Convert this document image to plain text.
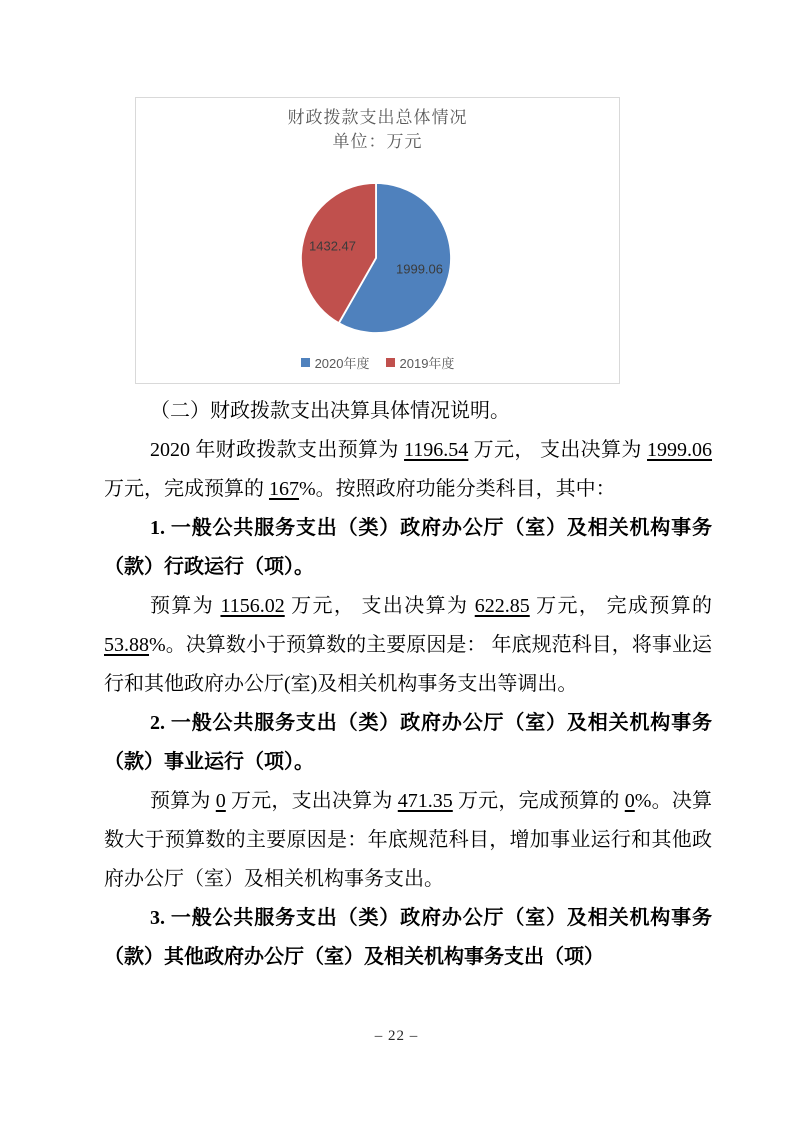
1999.06
1432.47
财政拨款支出总体情况
单位：万元
2020年度 2019年度

（二）财政拨款支出决算具体情况说明。

2020 年财政拨款支出预算为 1196.54 万元， 支出决算为 1999.06 万元，完成预算的 167%。按照政府功能分类科目，其中：

1. 一般公共服务支出（类）政府办公厅（室）及相关机构事务（款）行政运行（项）。

预算为 1156.02 万元， 支出决算为 622.85 万元， 完成预算的 53.88%。决算数小于预算数的主要原因是： 年底规范科目，将事业运行和其他政府办公厅(室)及相关机构事务支出等调出。

2. 一般公共服务支出（类）政府办公厅（室）及相关机构事务（款）事业运行（项）。

预算为 0 万元，支出决算为 471.35 万元，完成预算的 0%。决算数大于预算数的主要原因是：年底规范科目，增加事业运行和其他政府办公厅（室）及相关机构事务支出。

3. 一般公共服务支出（类）政府办公厅（室）及相关机构事务（款）其他政府办公厅（室）及相关机构事务支出（项）

– 22 –
